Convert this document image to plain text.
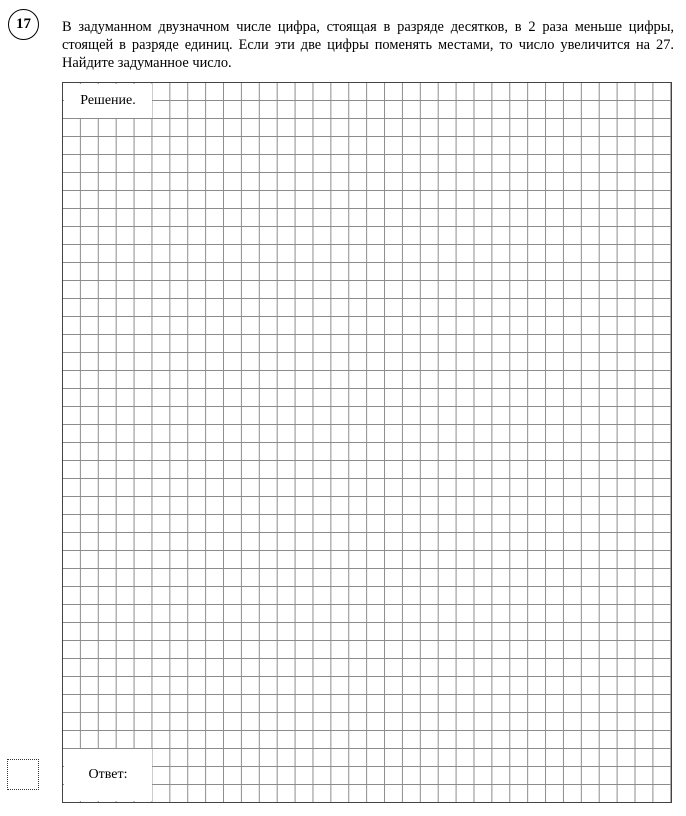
17 В задуманном двузначном числе цифра, стоящая в разряде десятков, в 2 раза меньше цифры, стоящей в разряде единиц. Если эти две цифры поменять местами, то число увеличится на 27. Найдите задуманное число.
Решение.
Ответ:
